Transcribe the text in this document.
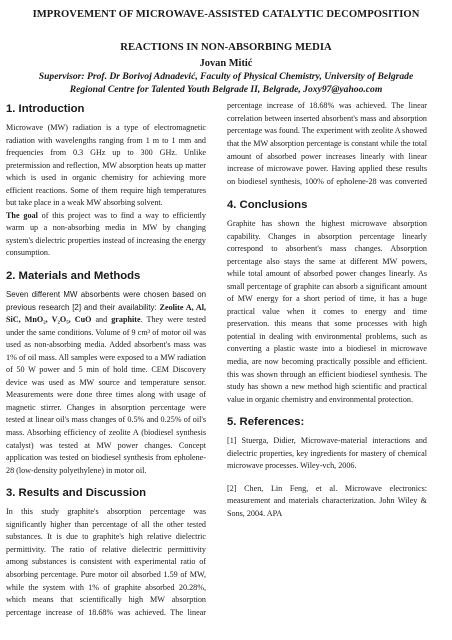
IMPROVEMENT OF MICROWAVE-ASSISTED CATALYTIC DECOMPOSITION
REACTIONS IN NON-ABSORBING MEDIA
Jovan Mitić
Supervisor: Prof. Dr Borivoj Adnadević, Faculty of Physical Chemistry, University of Belgrade
Regional Centre for Talented Youth Belgrade II, Belgrade, Joxy97@yahoo.com
1. Introduction

Microwave (MW) radiation is a type of electromagnetic radiation with wavelengths ranging from 1 m to 1 mm and frequencies from 0.3 GHz up to 300 GHz. Unlike pretermission and reflection, MW absorption heats up matter which is used in organic chemistry for achieving more efficient reactions. Some of them require high temperatures but take place in a weak MW absorbing solvent.

The goal of this project was to find a way to efficiently warm up a non-absorbing media in MW by changing system's dielectric properties instead of increasing the energy consumption.

2. Materials and Methods

Seven different MW absorbents were chosen based on previous research [2] and their availability: Zeolite A, Al, SiC, MnO₂, V₂O₅, CuO and graphite. They were tested under the same conditions. Volume of 9 cm³ of motor oil was used as non-absorbing media. Added absorbent's mass was 1% of oil mass. All samples were exposed to a MW radiation of 50 W power and 5 min of hold time. CEM Discovery device was used as MW source and temperature sensor. Measurements were done three times along with usage of magnetic stirrer. Changes in absorption percentage were tested at linear oil's mass changes of 0.5% and 0.25% of oil's mass. Absorbing efficiency of zeolite A (biodiesel synthesis catalyst) was tested at MW power changes. Concept application was tested on biodiesel synthesis from epholene-28 (low-density polyethylene) in motor oil.

3. Results and Discussion

In this study graphite's absorption percentage was significantly higher than percentage of all the other tested substances. It is due to graphite's high relative dielectric permittivity. The ratio of relative dielectric permittivity among substances is consistent with experimental ratio of absorbing percentage. Pure motor oil absorbed 1.59 of MW, while the system with 1% of graphite absorbed 20.28%, which means that scientifically high MW absorption percentage increase of 18.68% was achieved. The linear

percentage increase of 18.68% was achieved. The linear correlation between inserted absorbent's mass and absorption percentage was found. The experiment with zeolite A showed that the MW absorption percentage is constant while the total amount of absorbed power increases linearly with linear increase of microwave power. Having applied these results on biodiesel synthesis, 100% of epholene-28 was converted

4. Conclusions

Graphite has shown the highest microwave absorption capability. Changes in absorption percentage linearly correspond to absorbent's mass changes. Absorption percentage also stays the same at different MW powers, while total amount of absorbed power changes linearly. As small percentage of graphite can absorb a significant amount of MW energy for a short period of time, it has a huge practical value when it comes to energy and time preservation. this means that some processes with high potential in dealing with environmental problems, such as converting a plastic waste into a biodiesel in microwave media, are now becoming practically possible and efficient. this was shown through an efficient biodiesel synthesis. The study has shown a new method high scientific and practical value in organic chemistry and environmental protection.

5. References:

[1] Stuerga, Didier, Microwave-material interactions and dielectric properties, key ingredients for mastery of chemical microwave processes. Wiley-vch, 2006.

[2] Chen, Lin Feng, et al. Microwave electronics: measurement and materials characterization. John Wiley & Sons, 2004. APA
